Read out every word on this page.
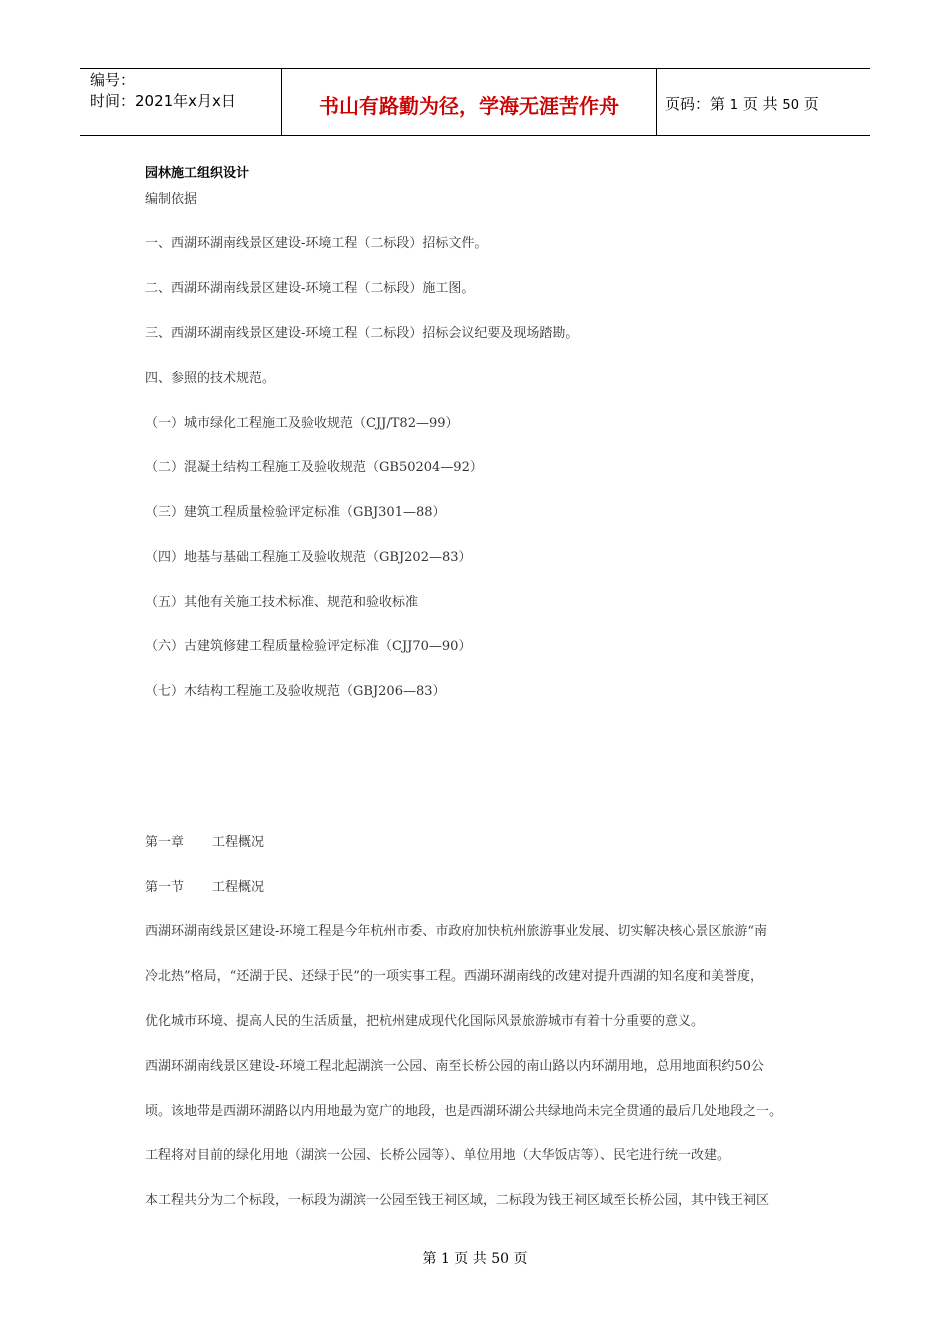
编号：
时间：2021年x月x日	书山有路勤为径，学海无涯苦作舟	页码：第 1 页 共 50 页
园林施工组织设计
编制依据
一、西湖环湖南线景区建设-环境工程（二标段）招标文件。
二、西湖环湖南线景区建设-环境工程（二标段）施工图。
三、西湖环湖南线景区建设-环境工程（二标段）招标会议纪要及现场踏勘。
四、参照的技术规范。
（一）城市绿化工程施工及验收规范（CJJ/T82—99）
（二）混凝土结构工程施工及验收规范（GB50204—92）
（三）建筑工程质量检验评定标准（GBJ301—88）
（四）地基与基础工程施工及验收规范（GBJ202—83）
（五）其他有关施工技术标准、规范和验收标准
（六）古建筑修建工程质量检验评定标准（CJJ70—90）
（七）木结构工程施工及验收规范（GBJ206—83）
第一章 工程概况
第一节 工程概况
西湖环湖南线景区建设-环境工程是今年杭州市委、市政府加快杭州旅游事业发展、切实解决核心景区旅游“南
冷北热”格局，“还湖于民、还绿于民”的一项实事工程。西湖环湖南线的改建对提升西湖的知名度和美誉度，
优化城市环境、提高人民的生活质量，把杭州建成现代化国际风景旅游城市有着十分重要的意义。
西湖环湖南线景区建设-环境工程北起湖滨一公园、南至长桥公园的南山路以内环湖用地，总用地面积约50公
顷。该地带是西湖环湖路以内用地最为宽广的地段，也是西湖环湖公共绿地尚未完全贯通的最后几处地段之一。
工程将对目前的绿化用地（湖滨一公园、长桥公园等）、单位用地（大华饭店等）、民宅进行统一改建。
本工程共分为二个标段，一标段为湖滨一公园至钱王祠区域，二标段为钱王祠区域至长桥公园，其中钱王祠区
第 1 页 共 50 页
